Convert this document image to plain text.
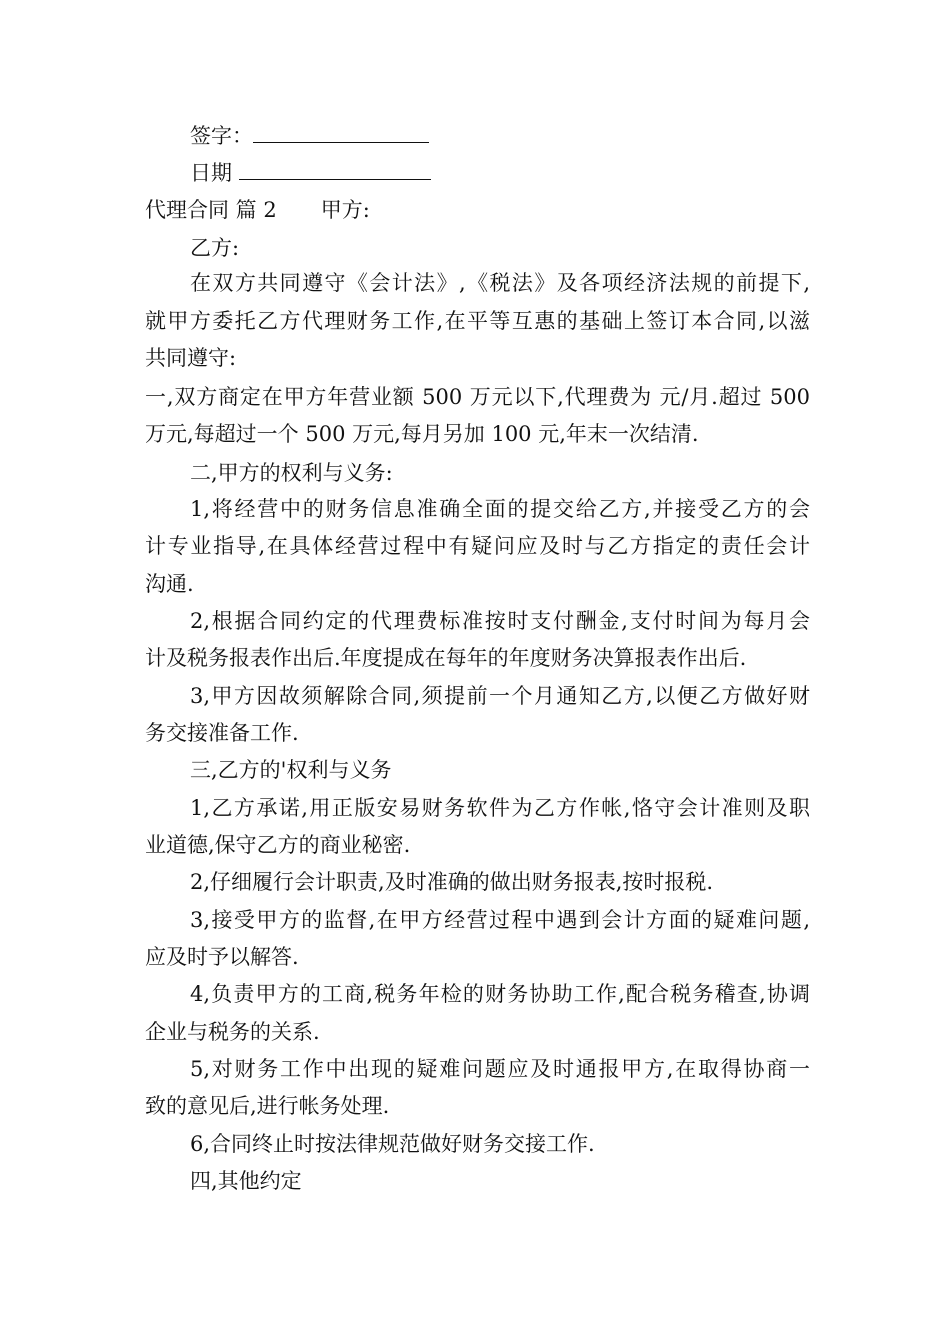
签字：
日期
代理合同 篇 2 甲方:
乙方:
在双方共同遵守《会计法》,《税法》及各项经济法规的前提下,
就甲方委托乙方代理财务工作,在平等互惠的基础上签订本合同,以滋
共同遵守:
一,双方商定在甲方年营业额 500 万元以下,代理费为 元/月.超过 500
万元,每超过一个 500 万元,每月另加 100 元,年末一次结清.
二,甲方的权利与义务:
1,将经营中的财务信息准确全面的提交给乙方,并接受乙方的会
计专业指导,在具体经营过程中有疑问应及时与乙方指定的责任会计
沟通.
2,根据合同约定的代理费标准按时支付酬金,支付时间为每月会
计及税务报表作出后.年度提成在每年的年度财务决算报表作出后.
3,甲方因故须解除合同,须提前一个月通知乙方,以便乙方做好财
务交接准备工作.
三,乙方的'权利与义务
1,乙方承诺,用正版安易财务软件为乙方作帐,恪守会计准则及职
业道德,保守乙方的商业秘密.
2,仔细履行会计职责,及时准确的做出财务报表,按时报税.
3,接受甲方的监督,在甲方经营过程中遇到会计方面的疑难问题,
应及时予以解答.
4,负责甲方的工商,税务年检的财务协助工作,配合税务稽查,协调
企业与税务的关系.
5,对财务工作中出现的疑难问题应及时通报甲方,在取得协商一
致的意见后,进行帐务处理.
6,合同终止时按法律规范做好财务交接工作.
四,其他约定
